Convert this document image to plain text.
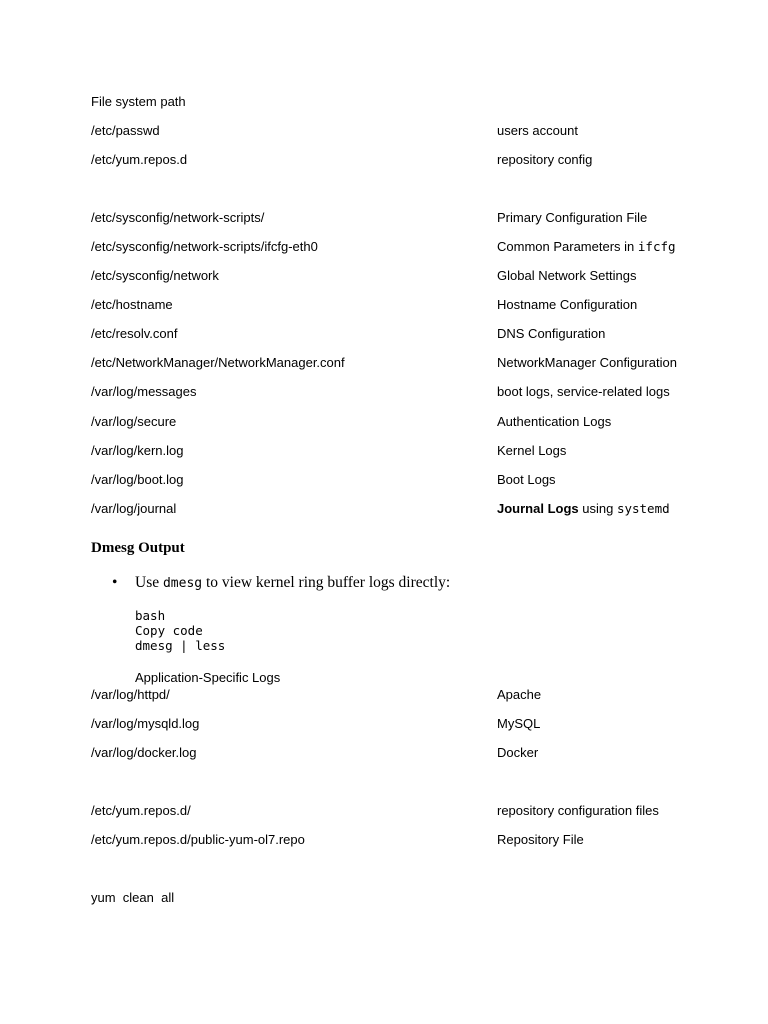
File system path
/etc/passwd	users account
/etc/yum.repos.d	repository config
/etc/sysconfig/network-scripts/	Primary Configuration File
/etc/sysconfig/network-scripts/ifcfg-eth0	Common Parameters in ifcfg
/etc/sysconfig/network	Global Network Settings
/etc/hostname	Hostname Configuration
/etc/resolv.conf	DNS Configuration
/etc/NetworkManager/NetworkManager.conf	NetworkManager Configuration
/var/log/messages	boot logs, service-related logs
/var/log/secure	Authentication Logs
/var/log/kern.log	Kernel Logs
/var/log/boot.log	Boot Logs
/var/log/journal	Journal Logs using systemd
Dmesg Output
• Use dmesg to view kernel ring buffer logs directly:
bash
Copy code
dmesg | less
Application-Specific Logs
/var/log/httpd/	Apache
/var/log/mysqld.log	MySQL
/var/log/docker.log	Docker
/etc/yum.repos.d/	repository configuration files
/etc/yum.repos.d/public-yum-ol7.repo	Repository File
yum  clean  all
